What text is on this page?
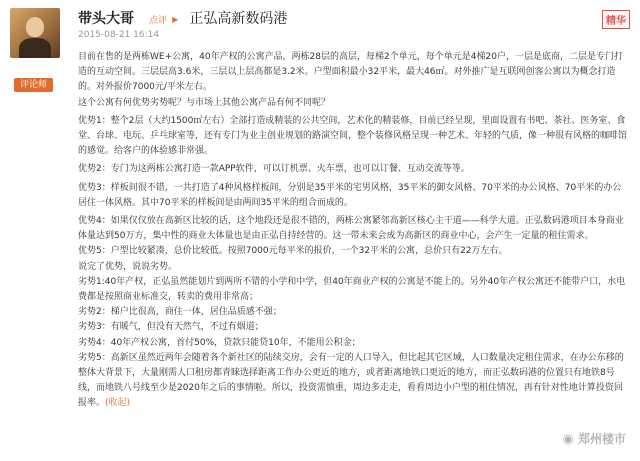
评论师
带头大哥 点评 ▸ 正弘高新数码港
2015-08-21 16:14
精华

目前在售的是两栋WE+公寓，40年产权的公寓产品，两栋28层的高层，每梯2个单元，每个单元是4梯20户，一层是底商，二层是专门打造的互动空间。三层层高3.6米，三层以上层高都是3.2米。户型面积最小32平米，最大46㎡。对外推广是互联网创客公寓以为概念打造的。对外报价7000元/平米左右。

这个公寓有何优势劣势呢？与市场上其他公寓产品有何不同呢？

优势1：整个2层（大约1500㎡左右）全部打造成精装的公共空间，艺术化的精装修，目前已经呈现，里面设置有书吧、茶社、医务室、食堂、台球、电玩、乒乓球室等，还有专门为业主创业规划的路演空间，整个装修风格呈现一种艺术、年轻的气质，像一种很有风格的咖啡馆的感觉。给客户的体验感非常强。

优势2：专门为这两栋公寓打造一款APP软件，可以订机票、火车票，也可以订餐、互动交流等等。

优势3：样板间很不错，一共打造了4种风格样板间，分别是35平米的宅男风格，35平米的御女风格、70平米的办公风格、70平米的办公居住一体风格。其中70平米的样板间是由两间35平米的组合而成的。

优势4：如果仅仅放在高新区比较的话，这个地段还是很不错的，两栋公寓紧邻高新区核心主干道——科学大道。正弘数码港项目本身商业体量达到50万方，集中性的商业大体量也是由正弘自持经营的。这一带未来会成为高新区的商业中心，会产生一定量的租住需求。

优势5：户型比较紧凑，总价比较低。按照7000元每平米的报价，一个32平米的公寓，总价只有22万左右。

说完了优势，说说劣势。

劣势1:40年产权，正弘虽然能划片到两所不错的小学和中学，但40年商业产权的公寓是不能上的。另外40年产权公寓还不能带户口，水电费都是按照商业标准交，转卖的费用非常高；

劣势2：梯户比很高，商住一体，居住品质感不强；

劣势3：有暖气，但没有天然气，不过有烟道；

劣势4：40年产权公寓，首付50%，贷款只能贷10年，不能用公积金；

劣势5：高新区虽然近两年会随着各个新社区的陆续交房，会有一定的人口导入，但比起其它区域，人口数量决定租住需求，在办公东移的整体大背景下，大量刚需人口租房都青睐选择距离工作办公更近的地方，或者距离地铁口更近的地方，而正弘数码港的位置只有地铁8号线，而地铁八号线至少是2020年之后的事情啦。所以，投资需慎重，周边多走走，看看周边小户型的租住情况，再有针对性地计算投资回报率。(收起)

◉ 郑州楼市
